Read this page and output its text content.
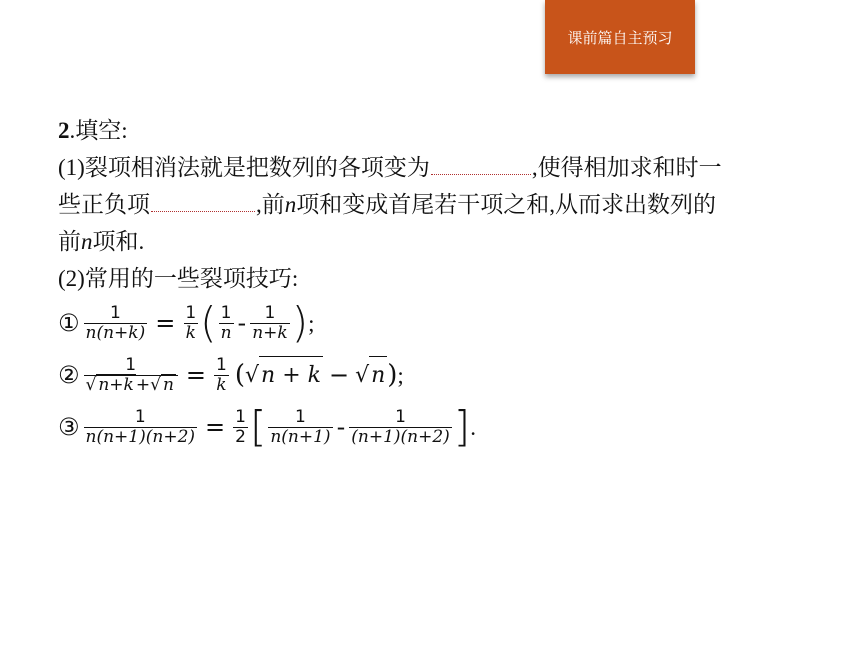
课前篇自主预习
2.填空:
(1)裂项相消法就是把数列的各项变为	,使得相加求和时一
些正负项	,前n项和变成首尾若干项之和,从而求出数列的
前n项和.
(2)常用的一些裂项技巧:
① $\frac{1}{n(n+k)} = \frac{1}{k}$ ( $\frac{1}{n} - \frac{1}{n+k}$ ) ;
② $\frac{1}{√ n+k +√ n} = \frac{1}{k}$ ( √ n + k − √ n ) ;
③ $\frac{1}{n(n+1)(n+2)} = \frac{1}{2}$ [ $\frac{1}{n(n+1)} - \frac{1}{(n+1)(n+2)}$ ] .
